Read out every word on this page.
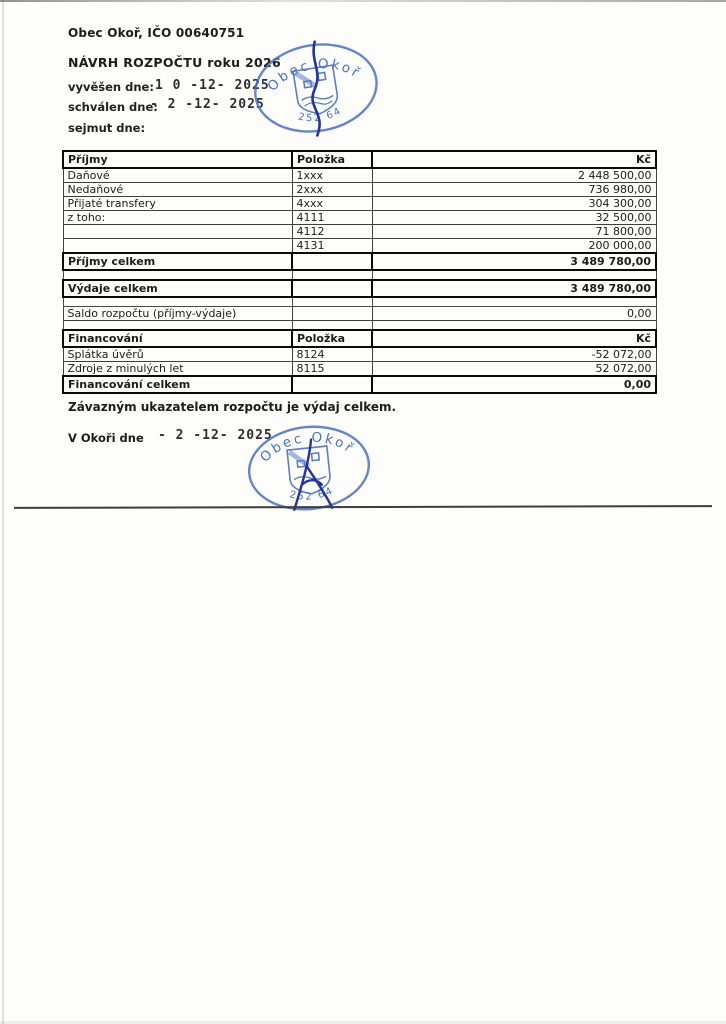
Obec Okoř, IČO 00640751
NÁVRH ROZPOČTU roku 2026
vyvěšen dne: 1 0 -12- 2025
schválen dne:
- 2 -12- 2025
sejmut dne:
Obec Okoř
252 64
Příjmy	Položka	Kč
Daňové	1xxx	2 448 500,00
Nedaňové	2xxx	736 980,00
Přijaté transfery	4xxx	304 300,00
z toho:	4111	32 500,00
	4112	71 800,00
	4131	200 000,00
Příjmy celkem		3 489 780,00

Výdaje celkem		3 489 780,00

Saldo rozpočtu (příjmy-výdaje)		0,00

Financování	Položka	Kč
Splátka úvěrů	8124	-52 072,00
Zdroje z minulých let	8115	52 072,00
Financování celkem		0,00
Závazným ukazatelem rozpočtu je výdaj celkem.
V Okoři dne - 2 -12- 2025
Obec Okoř
252 64
